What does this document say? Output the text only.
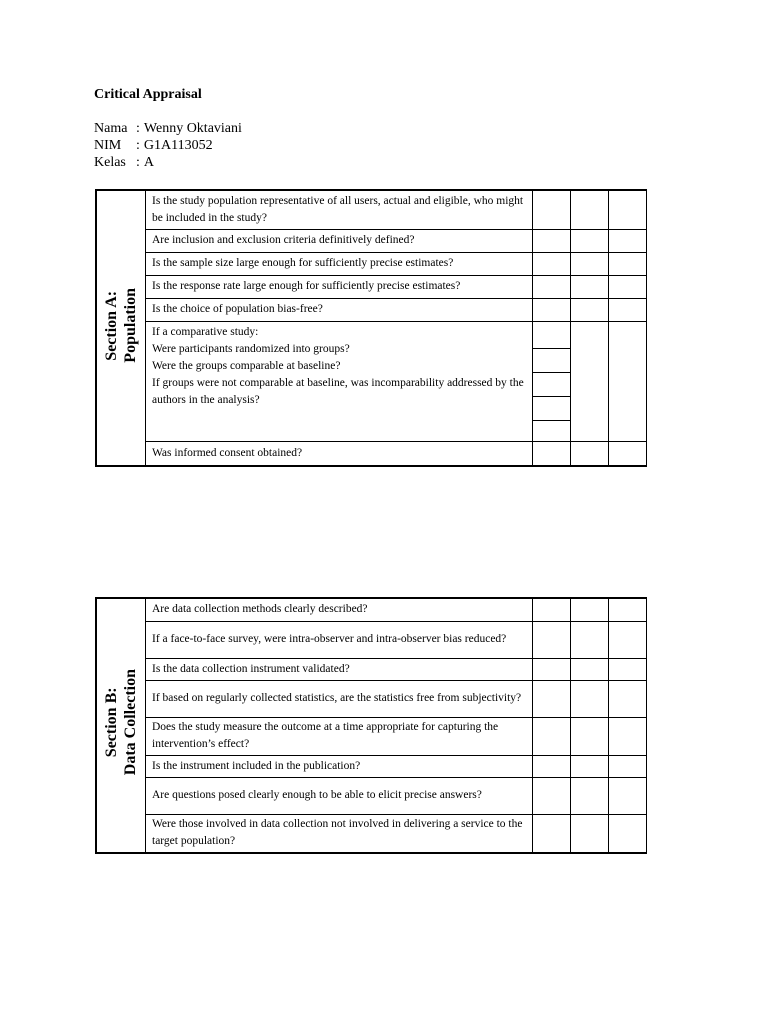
Critical Appraisal
Nama : Wenny Oktaviani
NIM : G1A113052
Kelas : A
Section A: Population	Is the study population representative of all users, actual and eligible, who might be included in the study?			
	Are inclusion and exclusion criteria definitively defined?			
	Is the sample size large enough for sufficiently precise estimates?			
	Is the response rate large enough for sufficiently precise estimates?			
	Is the choice of population bias-free?			

	If a comparative study:
Were participants randomized into groups?
Were the groups comparable at baseline?
If groups were not comparable at baseline, was incomparability addressed by the authors in the analysis?			

	Was informed consent obtained?			
Section B: Data Collection	Are data collection methods clearly described?			
	If a face-to-face survey, were intra-observer and intra-observer bias reduced?			
	Is the data collection instrument validated?			
	If based on regularly collected statistics, are the statistics free from subjectivity?			
	Does the study measure the outcome at a time appropriate for capturing the intervention’s effect?			
	Is the instrument included in the publication?			
	Are questions posed clearly enough to be able to elicit precise answers?			
	Were those involved in data collection not involved in delivering a service to the target population?			
